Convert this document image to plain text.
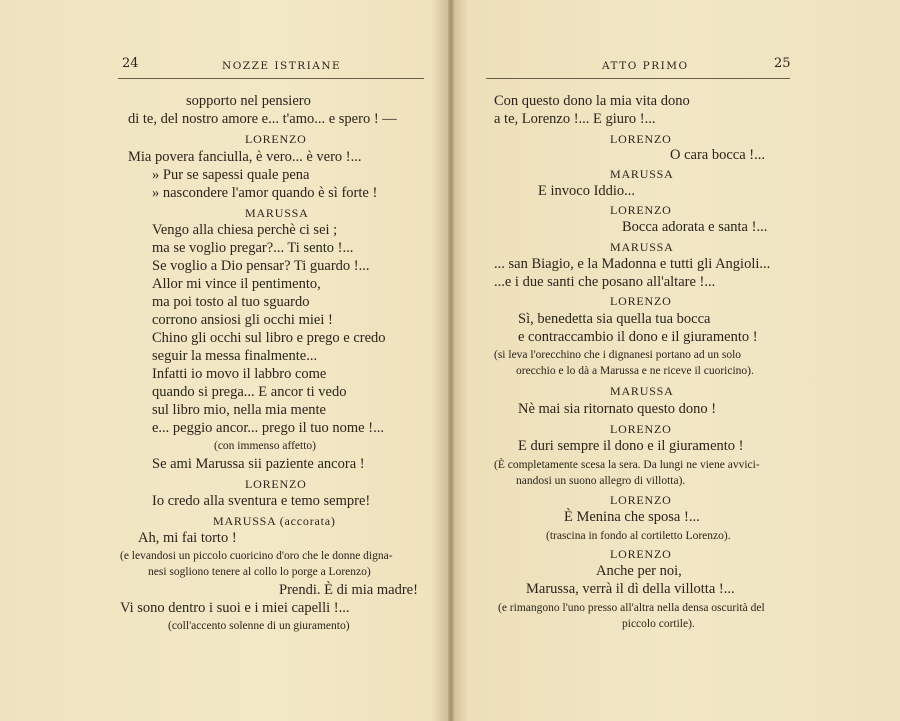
24	NOZZE ISTRIANE
sopporto nel pensiero
di te, del nostro amore e... t'amo... e spero ! —
LORENZO
Mia povera fanciulla, è vero... è vero !...
» Pur se sapessi quale pena
» nascondere l'amor quando è sì forte !
MARUSSA
Vengo alla chiesa perchè ci sei ;
ma se voglio pregar?... Ti sento !...
Se voglio a Dio pensar? Ti guardo !...
Allor mi vince il pentimento,
ma poi tosto al tuo sguardo
corrono ansiosi gli occhi miei !
Chino gli occhi sul libro e prego e credo
seguir la messa finalmente...
Infatti io movo il labbro come
quando si prega... E ancor ti vedo
sul libro mio, nella mia mente
e... peggio ancor... prego il tuo nome !...
(con immenso affetto)
Se ami Marussa sii paziente ancora !
LORENZO
Io credo alla sventura e temo sempre!
MARUSSA (accorata)
Ah, mi fai torto !
(e levandosi un piccolo cuoricino d'oro che le donne digna-
nesi sogliono tenere al collo lo porge a Lorenzo)
Prendi. È di mia madre!
Vi sono dentro i suoi e i miei capelli !...
(coll'accento solenne di un giuramento)
ATTO PRIMO	25
Con questo dono la mia vita dono
a te, Lorenzo !... E giuro !...
LORENZO
O cara bocca !...
MARUSSA
E invoco Iddio...
LORENZO
Bocca adorata e santa !...
MARUSSA
... san Biagio, e la Madonna e tutti gli Angioli...
...e i due santi che posano all'altare !...
LORENZO
Sì, benedetta sia quella tua bocca
e contraccambio il dono e il giuramento !
(si leva l'orecchino che i dignanesi portano ad un solo
orecchio e lo dà a Marussa e ne riceve il cuoricino).
MARUSSA
Nè mai sia ritornato questo dono !
LORENZO
E duri sempre il dono e il giuramento !
(È completamente scesa la sera. Da lungi ne viene avvici-
nandosi un suono allegro di villotta).
LORENZO
È Menina che sposa !...
(trascina in fondo al cortiletto Lorenzo).
LORENZO
Anche per noi,
Marussa, verrà il dì della villotta !...
(e rimangono l'uno presso all'altra nella densa oscurità del
piccolo cortile).
